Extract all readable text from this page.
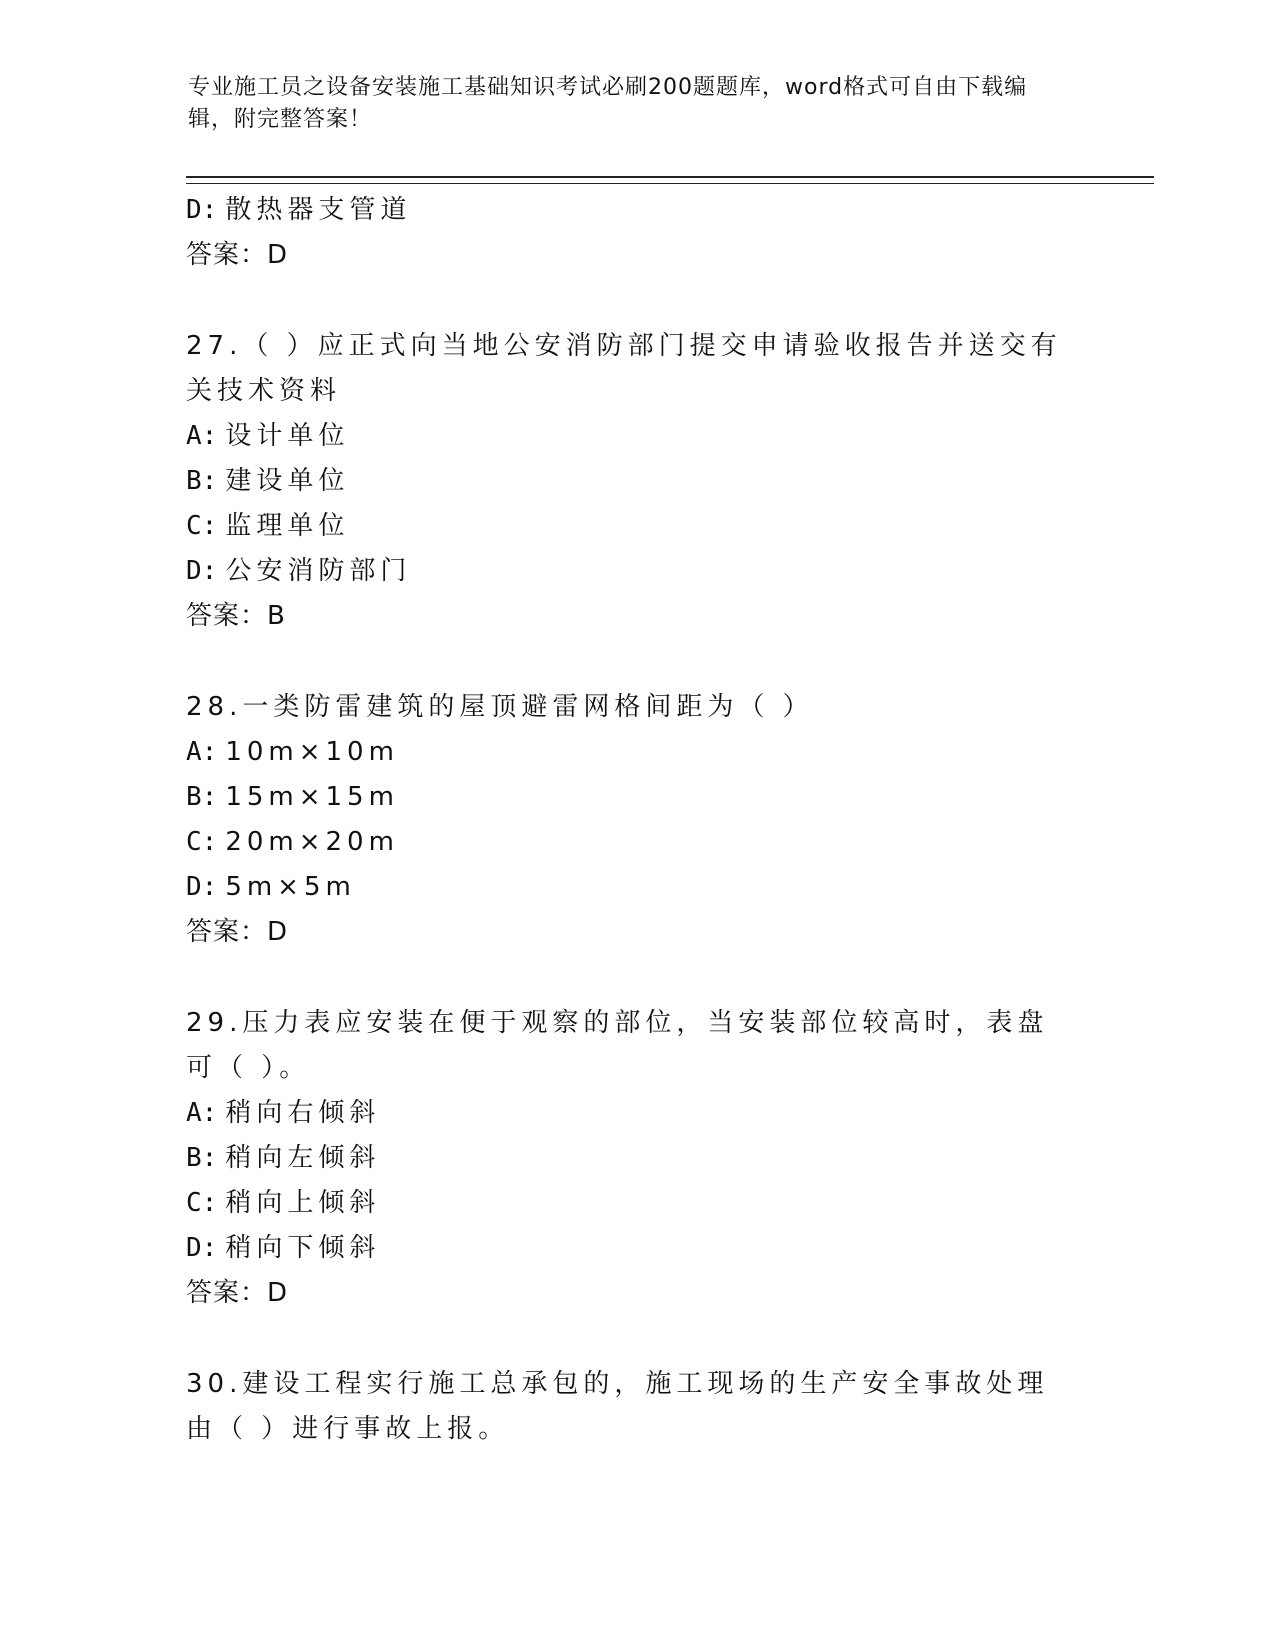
专业施工员之设备安装施工基础知识考试必刷200题题库，word格式可自由下载编辑，附完整答案！
D: 散热器支管道
答案：D
27.（ ）应正式向当地公安消防部门提交申请验收报告并送交有关技术资料
A: 设计单位
B: 建设单位
C: 监理单位
D: 公安消防部门
答案：B
28.一类防雷建筑的屋顶避雷网格间距为（ ）
A: 10m×10m
B: 15m×15m
C: 20m×20m
D: 5m×5m
答案：D
29.压力表应安装在便于观察的部位，当安装部位较高时，表盘可（ ）。
A: 稍向右倾斜
B: 稍向左倾斜
C: 稍向上倾斜
D: 稍向下倾斜
答案：D
30.建设工程实行施工总承包的，施工现场的生产安全事故处理由（ ）进行事故上报。
